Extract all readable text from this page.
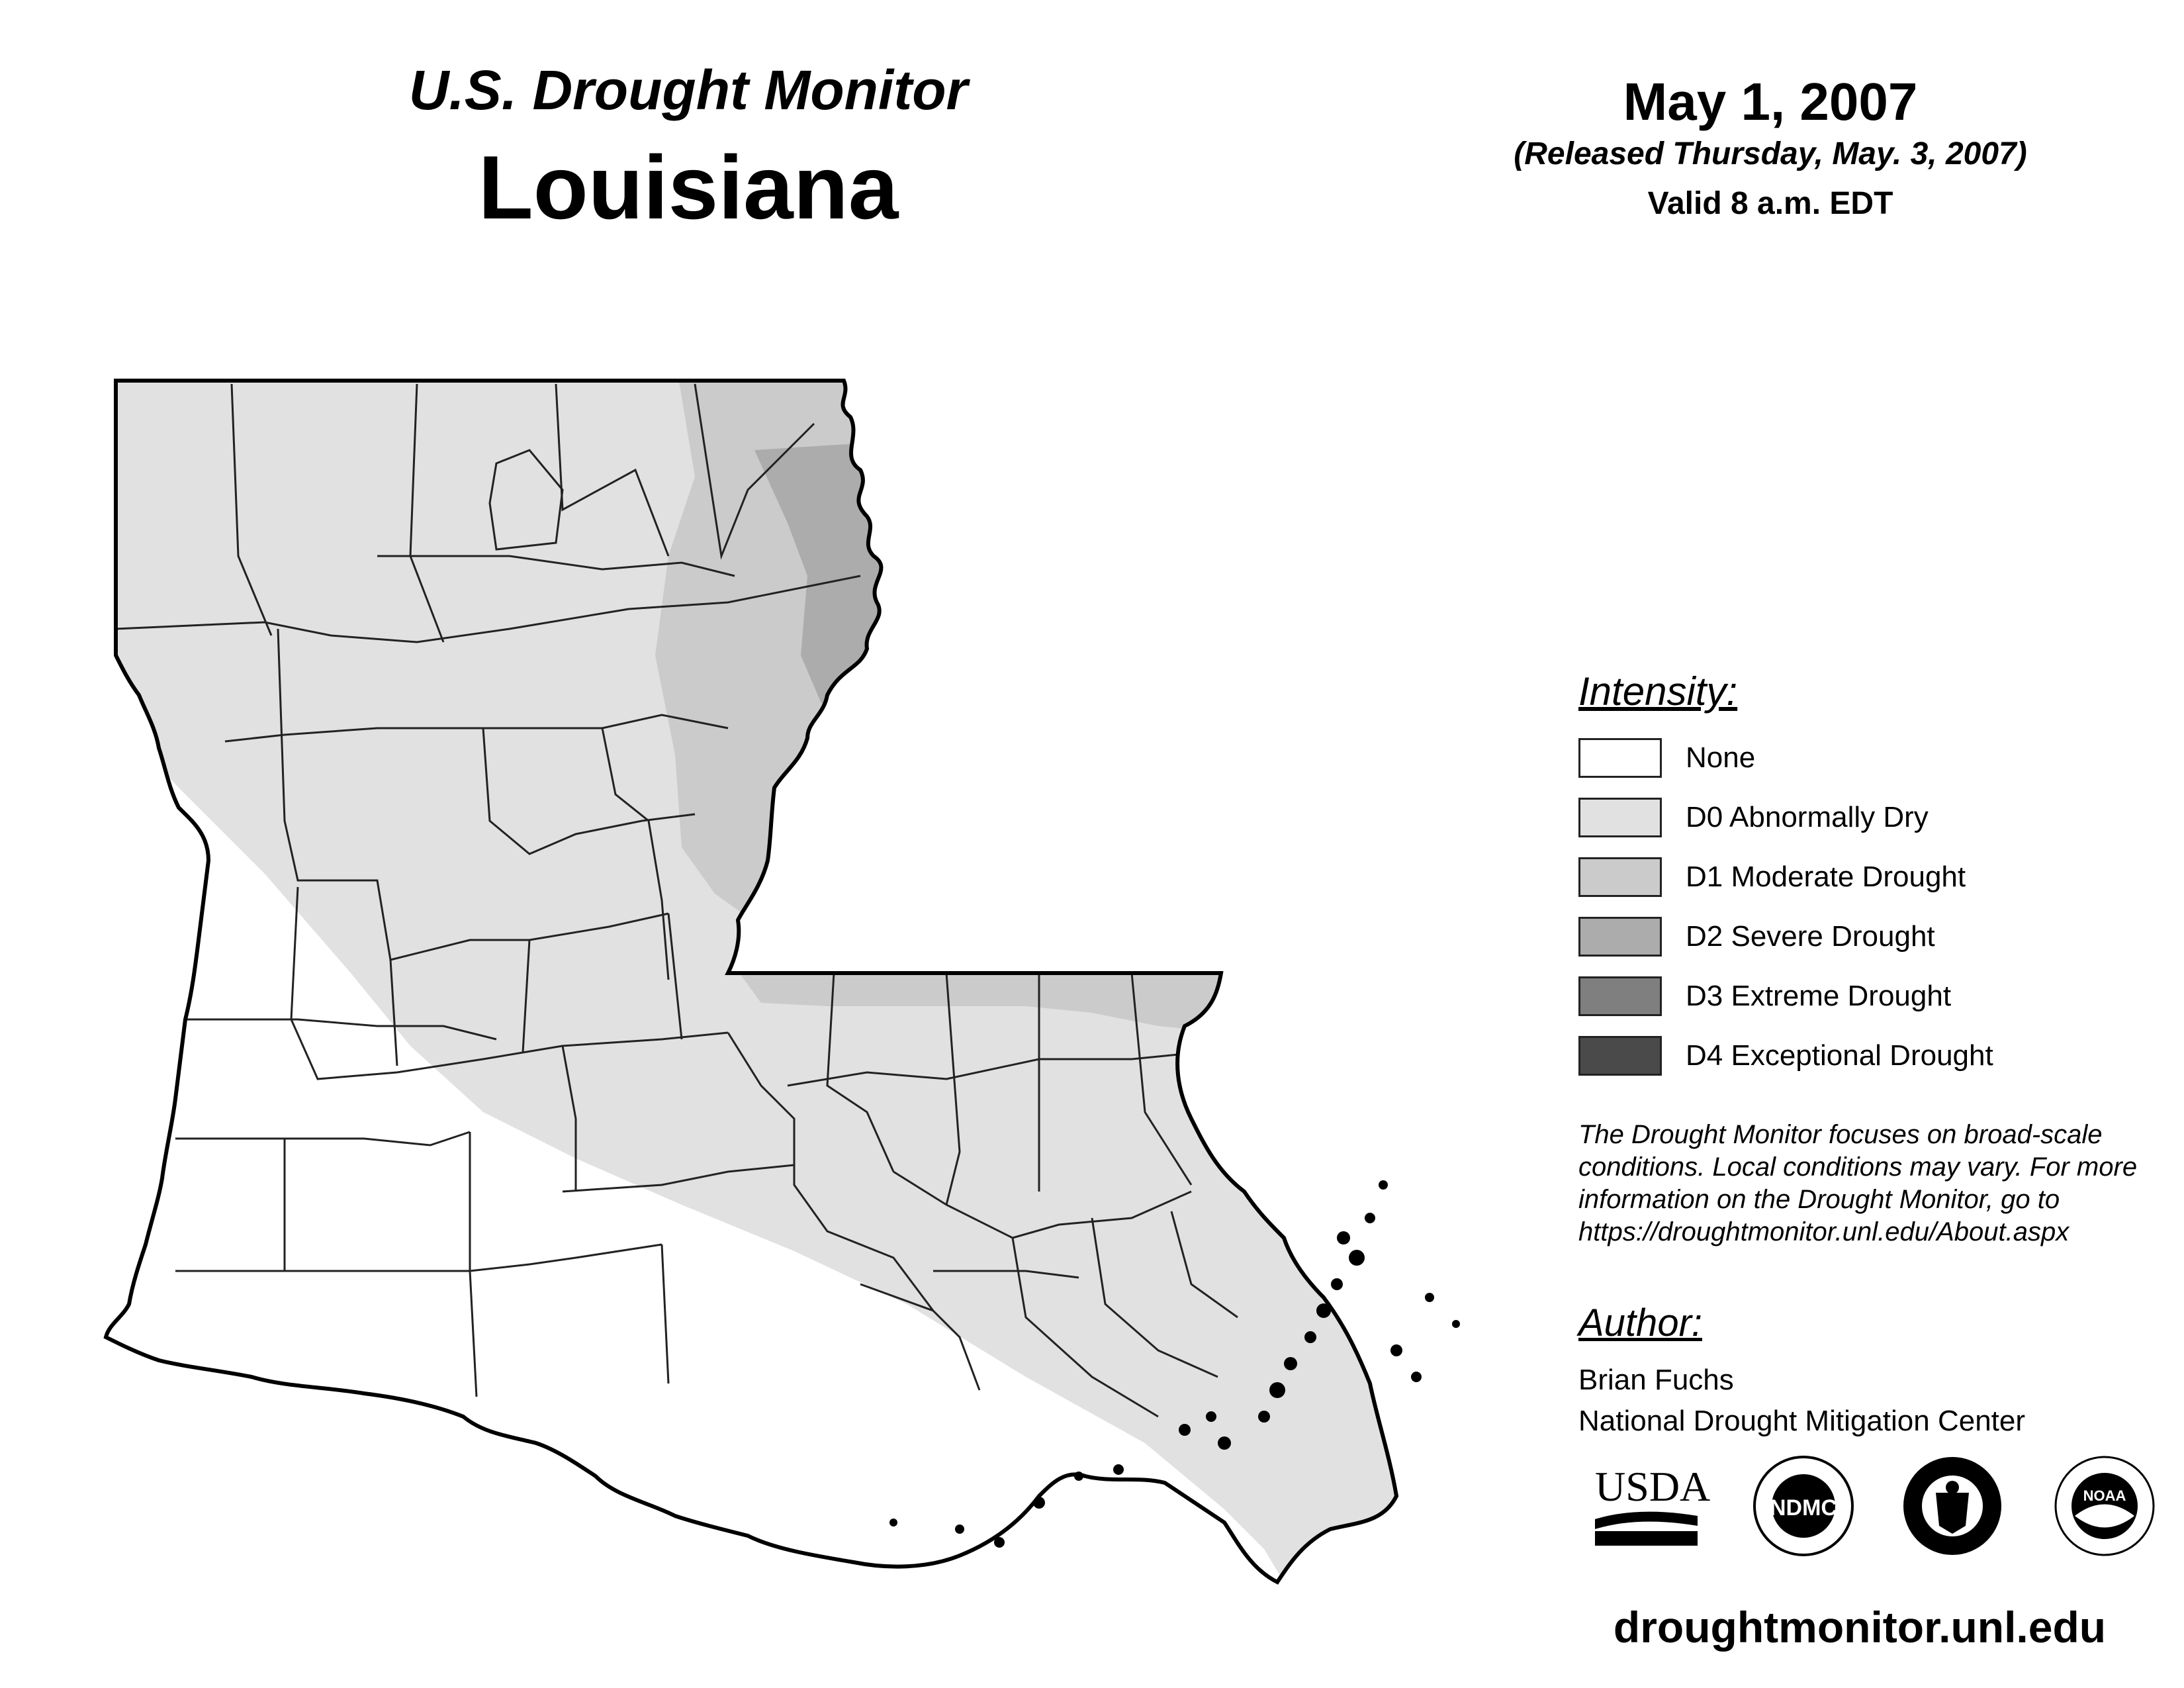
U.S. Drought Monitor
Louisiana
May 1, 2007
(Released Thursday, May. 3, 2007)
Valid 8 a.m. EDT
Intensity:
None
D0 Abnormally Dry
D1 Moderate Drought
D2 Severe Drought
D3 Extreme Drought
D4 Exceptional Drought
The Drought Monitor focuses on broad-scale conditions. Local conditions may vary. For more information on the Drought Monitor, go to https://droughtmonitor.unl.edu/About.aspx
Author:
Brian Fuchs
National Drought Mitigation Center
USDA	NDMC	NOAA
droughtmonitor.unl.edu
